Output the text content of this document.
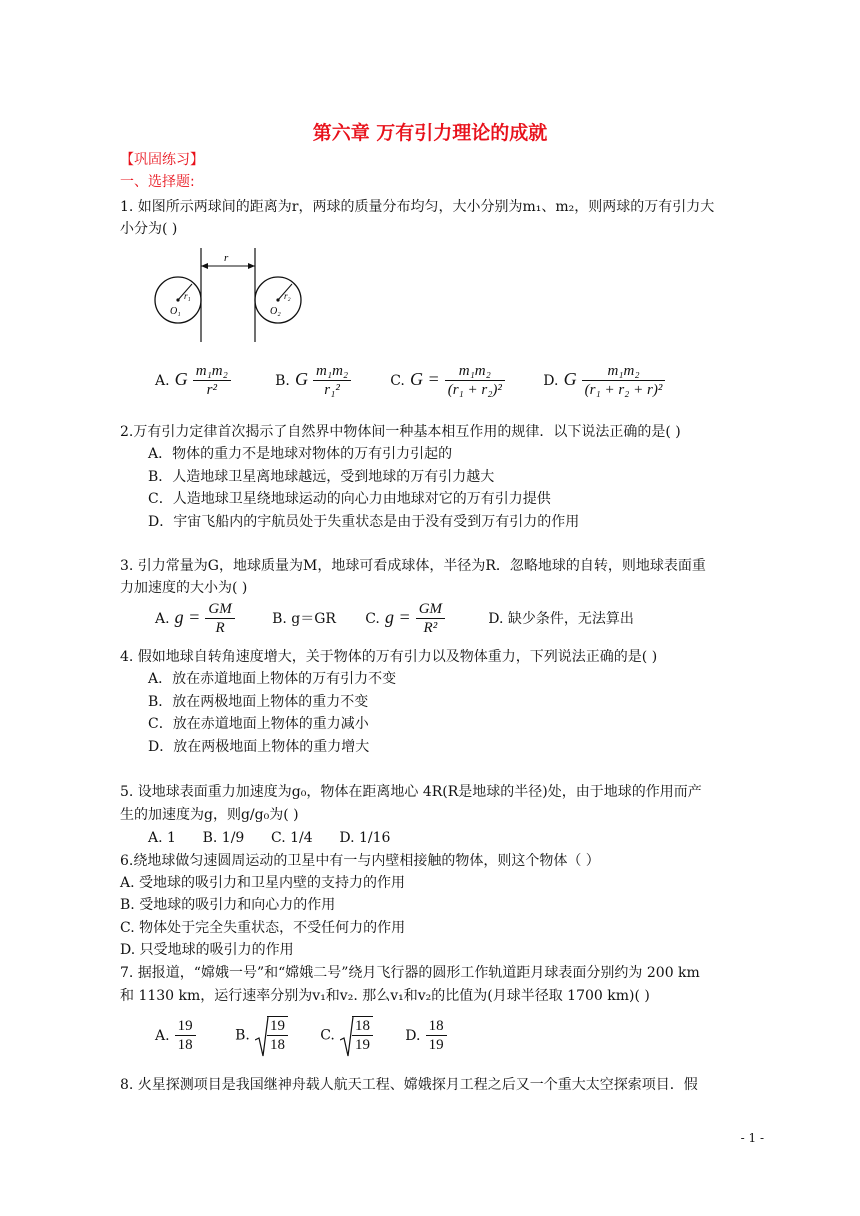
第六章 万有引力理论的成就
【巩固练习】
一、选择题:
1. 如图所示两球间的距离为r，两球的质量分布均匀，大小分别为m₁、m₂，则两球的万有引力大
小分为( )
r
r₁	r₂
O₁	O₂
A. G $\frac{\text{m₁m₂}}{\text{r²}}$	B. G $\frac{\text{m₁m₂}}{\text{r₁²}}$	C. $G = \frac{\text{m₁m₂}}{\text{(r₁ + r₂)²}}$	D. G $\frac{\text{m₁m₂}}{\text{(r₁ + r₂ + r)²}}$
2.万有引力定律首次揭示了自然界中物体间一种基本相互作用的规律．以下说法正确的是( )
A．物体的重力不是地球对物体的万有引力引起的
B．人造地球卫星离地球越远，受到地球的万有引力越大
C．人造地球卫星绕地球运动的向心力由地球对它的万有引力提供
D．宇宙飞船内的宇航员处于失重状态是由于没有受到万有引力的作用
3. 引力常量为G，地球质量为M，地球可看成球体，半径为R．忽略地球的自转，则地球表面重
力加速度的大小为( )
A. $g = \frac{GM}{R}$	B. g＝GR C. $g = \frac{GM}{\text{R²}}$	D. 缺少条件，无法算出
4. 假如地球自转角速度增大，关于物体的万有引力以及物体重力，下列说法正确的是( )
A．放在赤道地面上物体的万有引力不变
B．放在两极地面上物体的重力不变
C．放在赤道地面上物体的重力减小
D．放在两极地面上物体的重力增大
5. 设地球表面重力加速度为g₀，物体在距离地心 4R(R是地球的半径)处，由于地球的作用而产
生的加速度为g，则g/g₀为( )
A. 1      B. 1/9      C. 1/4      D. 1/16
6.绕地球做匀速圆周运动的卫星中有一与内壁相接触的物体，则这个物体（ ）
A. 受地球的吸引力和卫星内壁的支持力的作用
B. 受地球的吸引力和向心力的作用
C. 物体处于完全失重状态，不受任何力的作用
D. 只受地球的吸引力的作用
7. 据报道，“嫦娥一号”和“嫦娥二号”绕月飞行器的圆形工作轨道距月球表面分别约为 200 km
和 1130 km，运行速率分别为v₁和v₂. 那么v₁和v₂的比值为(月球半径取 1700 km)( )
A. $\frac{19}{18}$	B. $\frac{19}{18} C$. $\frac{18}{19} D$. $\frac{18}{19}$
8. 火星探测项目是我国继神舟载人航天工程、嫦娥探月工程之后又一个重大太空探索项目．假
- 1 -
